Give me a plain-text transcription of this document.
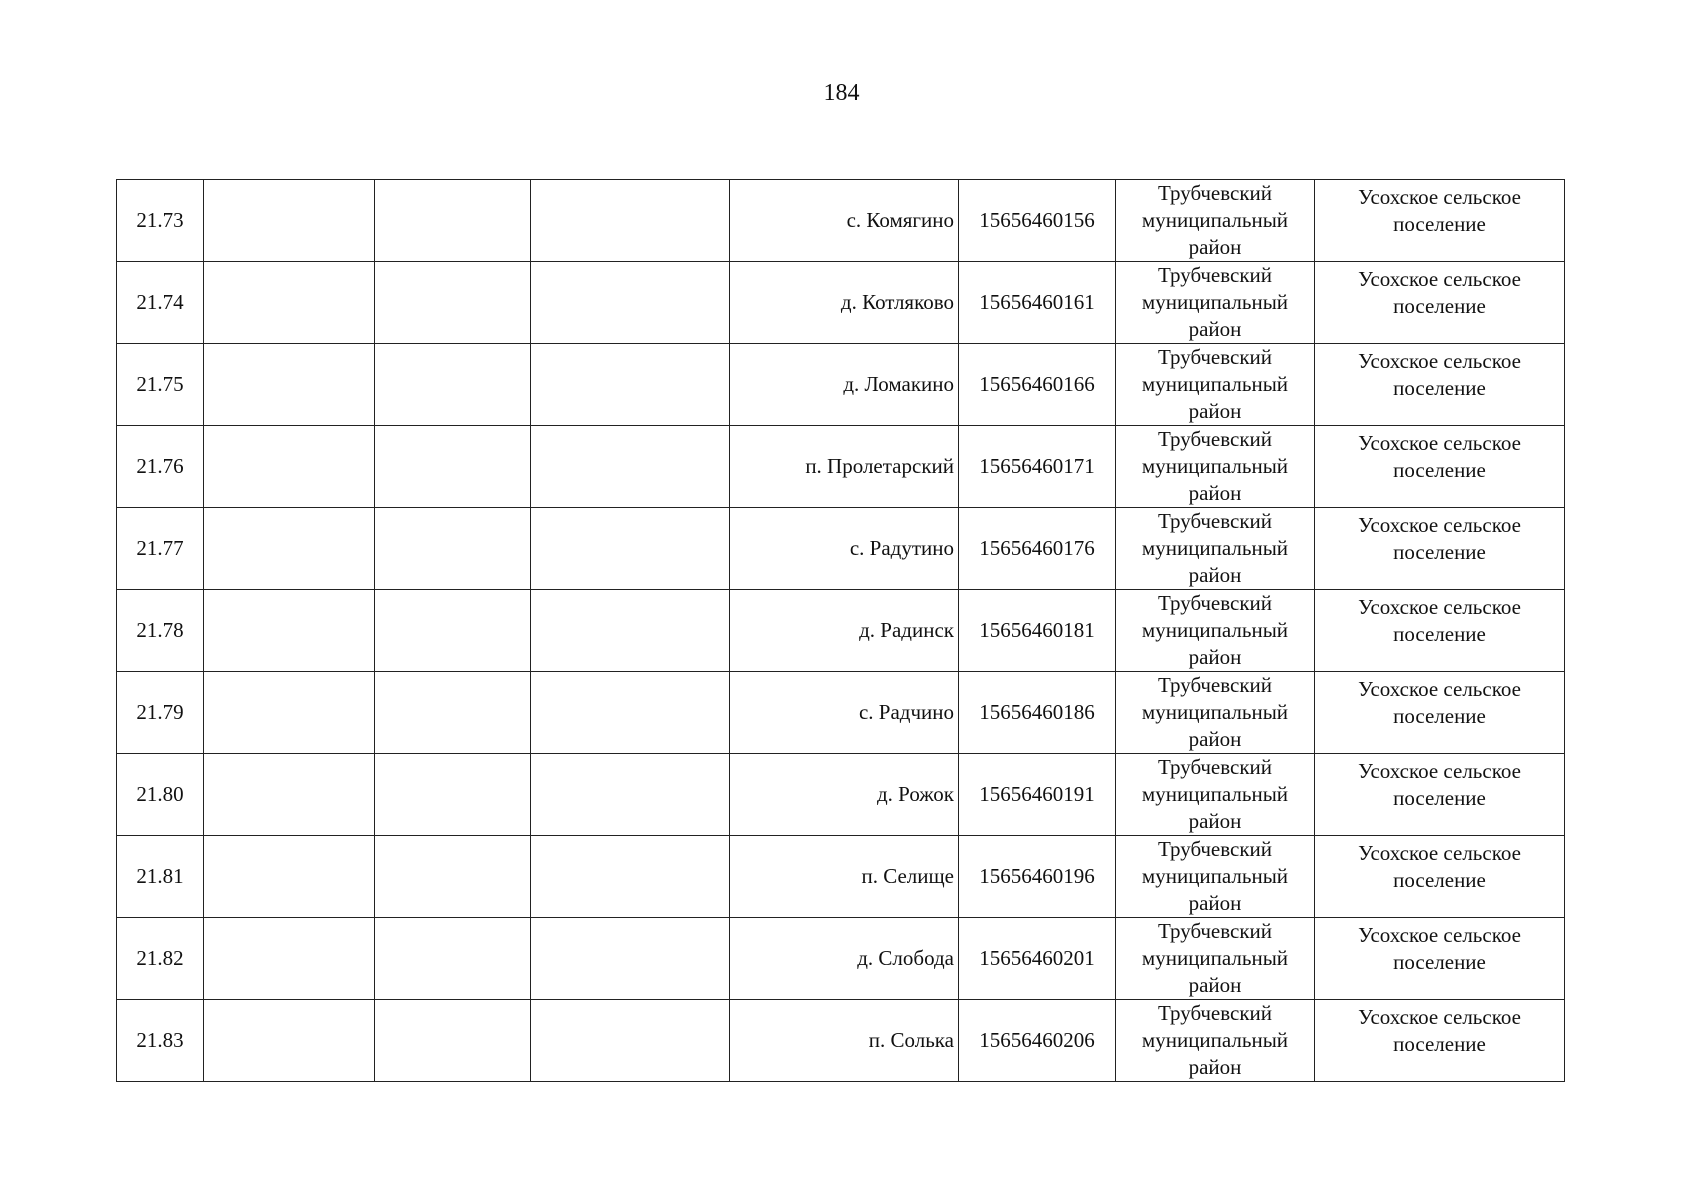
184
21.73				с. Комягино	15656460156	Трубчевский муниципальный район	Усохское сельское поселение

21.74				д. Котляково	15656460161	Трубчевский муниципальный район	Усохское сельское поселение

21.75				д. Ломакино	15656460166	Трубчевский муниципальный район	Усохское сельское поселение

21.76				п. Пролетарский	15656460171	Трубчевский муниципальный район	Усохское сельское поселение

21.77				с. Радутино	15656460176	Трубчевский муниципальный район	Усохское сельское поселение

21.78				д. Радинск	15656460181	Трубчевский муниципальный район	Усохское сельское поселение

21.79				с. Радчино	15656460186	Трубчевский муниципальный район	Усохское сельское поселение

21.80				д. Рожок	15656460191	Трубчевский муниципальный район	Усохское сельское поселение

21.81				п. Селище	15656460196	Трубчевский муниципальный район	Усохское сельское поселение

21.82				д. Слобода	15656460201	Трубчевский муниципальный район	Усохское сельское поселение

21.83				п. Солька	15656460206	Трубчевский муниципальный район	Усохское сельское поселение
